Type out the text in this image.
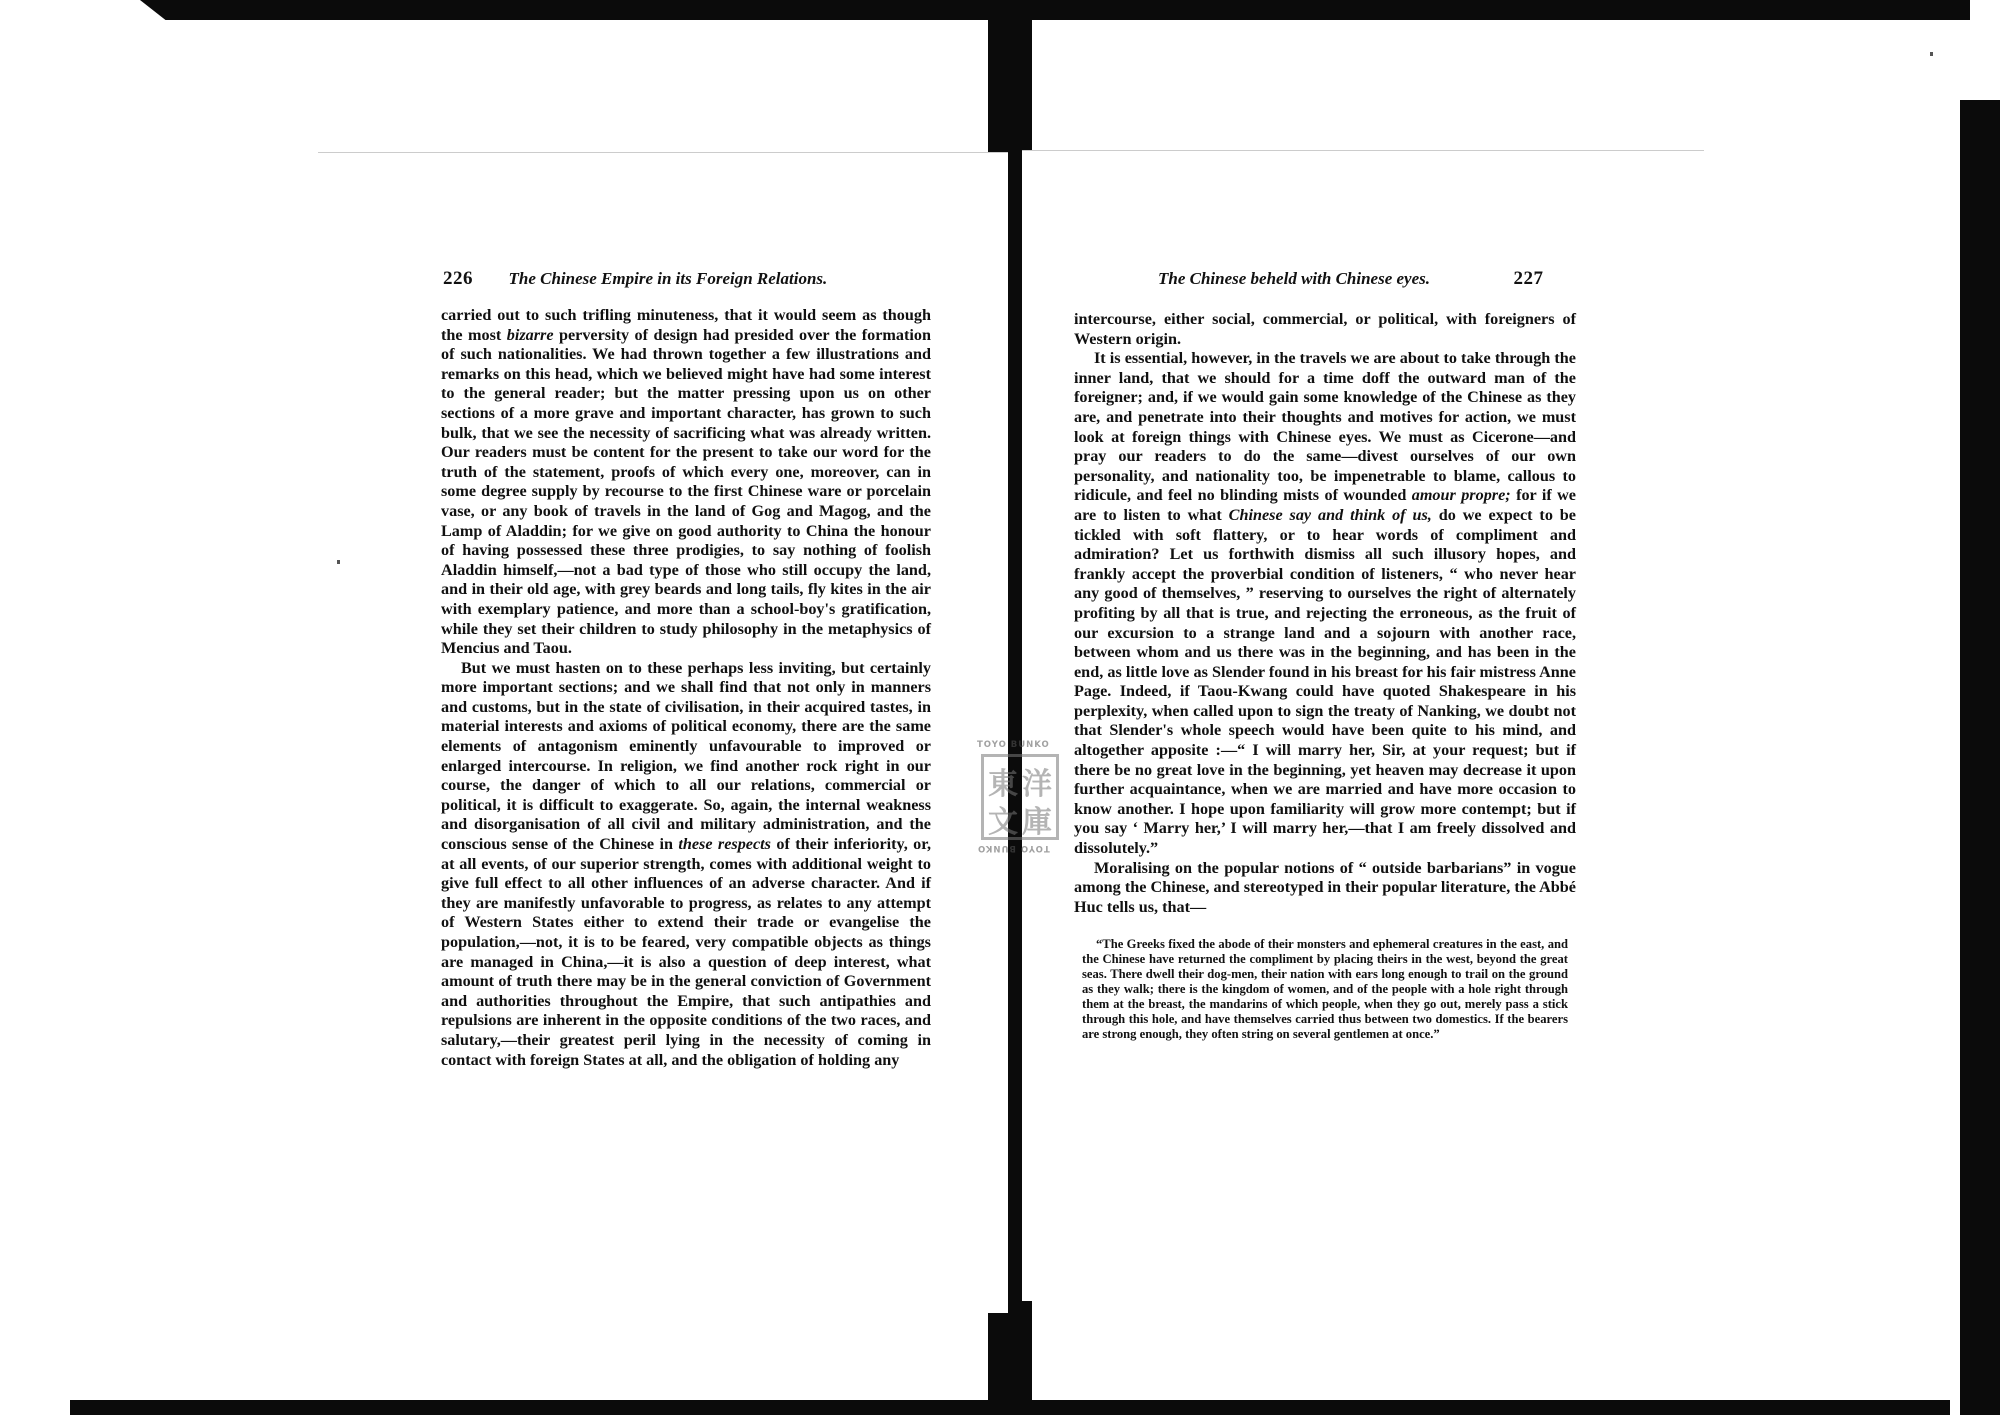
226 The Chinese Empire in its Foreign Relations.	The Chinese beheld with Chinese eyes.	227

carried out to such trifling minuteness, that it would seem as though the most bizarre perversity of design had presided over the formation of such nationalities. We had thrown together a few illustrations and remarks on this head, which we believed might have had some interest to the general reader; but the matter pressing upon us on other sections of a more grave and important character, has grown to such bulk, that we see the necessity of sacrificing what was already written. Our readers must be content for the present to take our word for the truth of the statement, proofs of which every one, moreover, can in some degree supply by recourse to the first Chinese ware or porcelain vase, or any book of travels in the land of Gog and Magog, and the Lamp of Aladdin; for we give on good authority to China the honour of having possessed these three prodigies, to say nothing of foolish Aladdin himself,—not a bad type of those who still occupy the land, and in their old age, with grey beards and long tails, fly kites in the air with exemplary patience, and more than a school-boy's gratification, while they set their children to study philosophy in the metaphysics of Mencius and Taou.

But we must hasten on to these perhaps less inviting, but certainly more important sections; and we shall find that not only in manners and customs, but in the state of civilisation, in their acquired tastes, in material interests and axioms of political economy, there are the same elements of antagonism eminently unfavourable to improved or enlarged intercourse. In religion, we find another rock right in our course, the danger of which to all our relations, commercial or political, it is difficult to exaggerate. So, again, the internal weakness and disorganisation of all civil and military administration, and the conscious sense of the Chinese in these respects of their inferiority, or, at all events, of our superior strength, comes with additional weight to give full effect to all other influences of an adverse character. And if they are manifestly unfavorable to progress, as relates to any attempt of Western States either to extend their trade or evangelise the population,—not, it is to be feared, very compatible objects as things are managed in China,—it is also a question of deep interest, what amount of truth there may be in the general conviction of Government and authorities throughout the Empire, that such antipathies and repulsions are inherent in the opposite conditions of the two races, and salutary,—their greatest peril lying in the necessity of coming in contact with foreign States at all, and the obligation of holding any

intercourse, either social, commercial, or political, with foreigners of Western origin.

It is essential, however, in the travels we are about to take through the inner land, that we should for a time doff the outward man of the foreigner; and, if we would gain some knowledge of the Chinese as they are, and penetrate into their thoughts and motives for action, we must look at foreign things with Chinese eyes. We must as Cicerone—and pray our readers to do the same—divest ourselves of our own personality, and nationality too, be impenetrable to blame, callous to ridicule, and feel no blinding mists of wounded amour propre; for if we are to listen to what Chinese say and think of us, do we expect to be tickled with soft flattery, or to hear words of compliment and admiration? Let us forthwith dismiss all such illusory hopes, and frankly accept the proverbial condition of listeners, “ who never hear any good of themselves, ” reserving to ourselves the right of alternately profiting by all that is true, and rejecting the erroneous, as the fruit of our excursion to a strange land and a sojourn with another race, between whom and us there was in the beginning, and has been in the end, as little love as Slender found in his breast for his fair mistress Anne Page. Indeed, if Taou-Kwang could have quoted Shakespeare in his perplexity, when called upon to sign the treaty of Nanking, we doubt not that Slender's whole speech would have been quite to his mind, and altogether apposite :—“ I will marry her, Sir, at your request; but if there be no great love in the beginning, yet heaven may decrease it upon further acquaintance, when we are married and have more occasion to know another. I hope upon familiarity will grow more contempt; but if you say ‘ Marry her,’ I will marry her,—that I am freely dissolved and dissolutely.”

Moralising on the popular notions of “ outside barbarians” in vogue among the Chinese, and stereotyped in their popular literature, the Abbé Huc tells us, that—

“The Greeks fixed the abode of their monsters and ephemeral creatures in the east, and the Chinese have returned the compliment by placing theirs in the west, beyond the great seas. There dwell their dog-men, their nation with ears long enough to trail on the ground as they walk; there is the kingdom of women, and of the people with a hole right through them at the breast, the mandarins of which people, when they go out, merely pass a stick through this hole, and have themselves carried thus between two domestics. If the bearers are strong enough, they often string on several gentlemen at once.”

TOYO BUNKO
東 洋
文 庫
TOYO BUNKO
